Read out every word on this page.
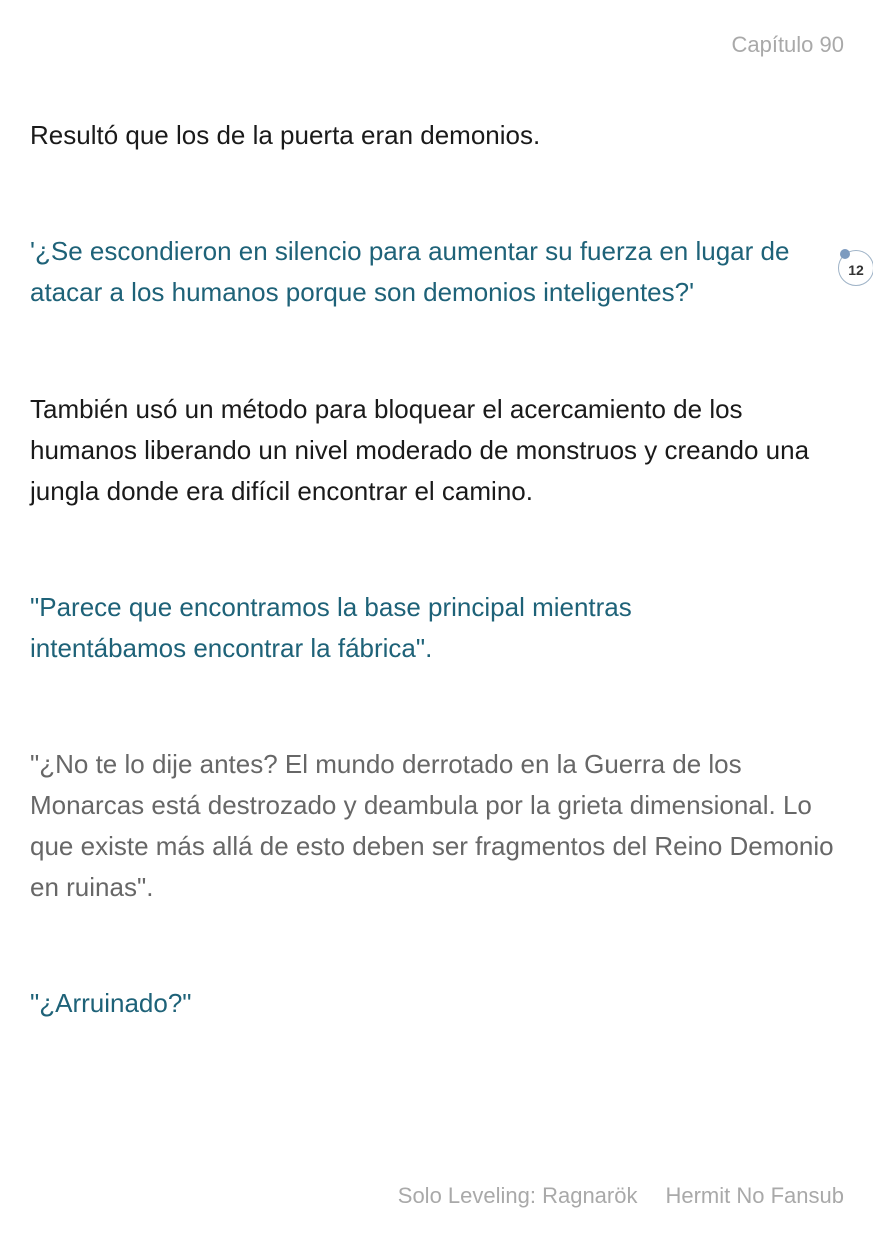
Capítulo 90

Resultó que los de la puerta eran demonios.

'¿Se escondieron en silencio para aumentar su fuerza en lugar de atacar a los humanos porque son demonios inteligentes?'

12

También usó un método para bloquear el acercamiento de los humanos liberando un nivel moderado de monstruos y creando una jungla donde era difícil encontrar el camino.

"Parece que encontramos la base principal mientras intentábamos encontrar la fábrica".

"¿No te lo dije antes? El mundo derrotado en la Guerra de los Monarcas está destrozado y deambula por la grieta dimensional. Lo que existe más allá de esto deben ser fragmentos del Reino Demonio en ruinas".

"¿Arruinado?"

Solo Leveling: Ragnarök Hermit No Fansub
